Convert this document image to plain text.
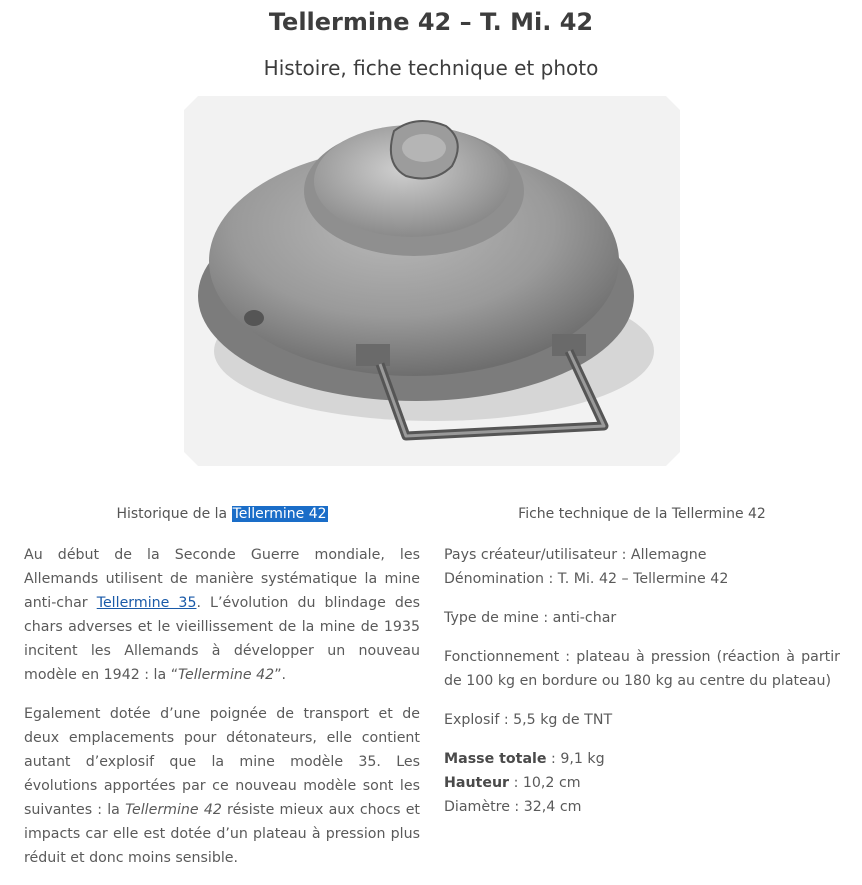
Tellermine 42 – T. Mi. 42
Histoire, fiche technique et photo
Historique de la Tellermine 42	Fiche technique de la Tellermine 42

Au début de la Seconde Guerre mondiale, les Allemands utilisent de manière systématique la mine anti-char Tellermine 35. L’évolution du blindage des chars adverses et le vieillissement de la mine de 1935 incitent les Allemands à développer un nouveau modèle en 1942 : la “Tellermine 42”.

Egalement dotée d’une poignée de transport et de deux emplacements pour détonateurs, elle contient autant d’explosif que la mine modèle 35. Les évolutions apportées par ce nouveau modèle sont les suivantes : la Tellermine 42 résiste mieux aux chocs et impacts car elle est dotée d’un plateau à pression plus réduit et donc moins sensible.

Pays créateur/utilisateur : Allemagne
Dénomination : T. Mi. 42 – Tellermine 42

Type de mine : anti-char

Fonctionnement : plateau à pression (réaction à partir de 100 kg en bordure ou 180 kg au centre du plateau)

Explosif : 5,5 kg de TNT

Masse totale : 9,1 kg
Hauteur : 10,2 cm
Diamètre : 32,4 cm
